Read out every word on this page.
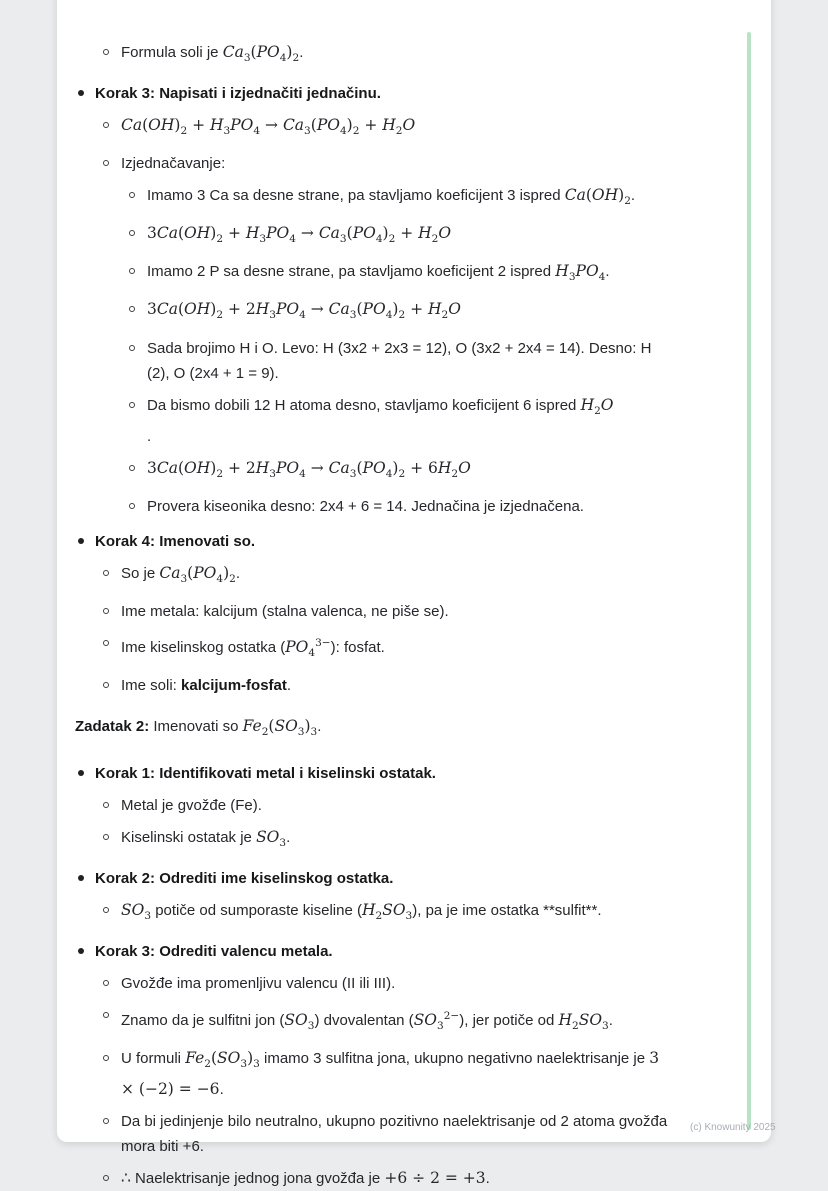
Formula soli je $Ca_3(PO_4)_2$.
Korak 3: Napisati i izjednačiti jednačinu.
$Ca(OH)_2 + H_3PO_4 \to Ca_3(PO_4)_2 + H_2O$
Izjednačavanje:
Imamo 3 Ca sa desne strane, pa stavljamo koeficijent 3 ispred $Ca(OH)_2$.
$3Ca(OH)_2 + H_3PO_4 \to Ca_3(PO_4)_2 + H_2O$
Imamo 2 P sa desne strane, pa stavljamo koeficijent 2 ispred $H_3PO_4$.
$3Ca(OH)_2 + 2H_3PO_4 \to Ca_3(PO_4)_2 + H_2O$
Sada brojimo H i O. Levo: H (3x2 + 2x3 = 12), O (3x2 + 2x4 = 14). Desno: H (2), O (2x4 + 1 = 9).
Da bismo dobili 12 H atoma desno, stavljamo koeficijent 6 ispred $H_2O$
.
$3Ca(OH)_2 + 2H_3PO_4 \to Ca_3(PO_4)_2 + 6H_2O$
Provera kiseonika desno: 2x4 + 6 = 14. Jednačina je izjednačena.
Korak 4: Imenovati so.
So je $Ca_3(PO_4)_2$.
Ime metala: kalcijum (stalna valenca, ne piše se).
Ime kiselinskog ostatka $(PO_4^{3-})$: fosfat.
Ime soli: kalcijum-fosfat.
Zadatak 2: Imenovati so $Fe_2(SO_3)_3$.
Korak 1: Identifikovati metal i kiselinski ostatak.
Metal je gvožđe (Fe).
Kiselinski ostatak je $SO_3$.
Korak 2: Odrediti ime kiselinskog ostatka.
$SO_3$ potiče od sumporaste kiseline $(H_2SO_3)$, pa je ime ostatka **sulfit**.
Korak 3: Odrediti valencu metala.
Gvožđe ima promenljivu valencu (II ili III).
Znamo da je sulfitni jon $(SO_3)$ dvovalentan $(SO_3^{2-})$, jer potiče od $H_2SO_3$.
U formuli $Fe_2(SO_3)_3$ imamo 3 sulfitna jona, ukupno negativno naelektrisanje je 3 × (−2) = −6.
Da bi jedinjenje bilo neutralno, ukupno pozitivno naelektrisanje od 2 atoma gvožđa mora biti +6.
∴ Naelektrisanje jednog jona gvožđa je +6 ÷ 2 = +3.
(c) Knowunity 2025
